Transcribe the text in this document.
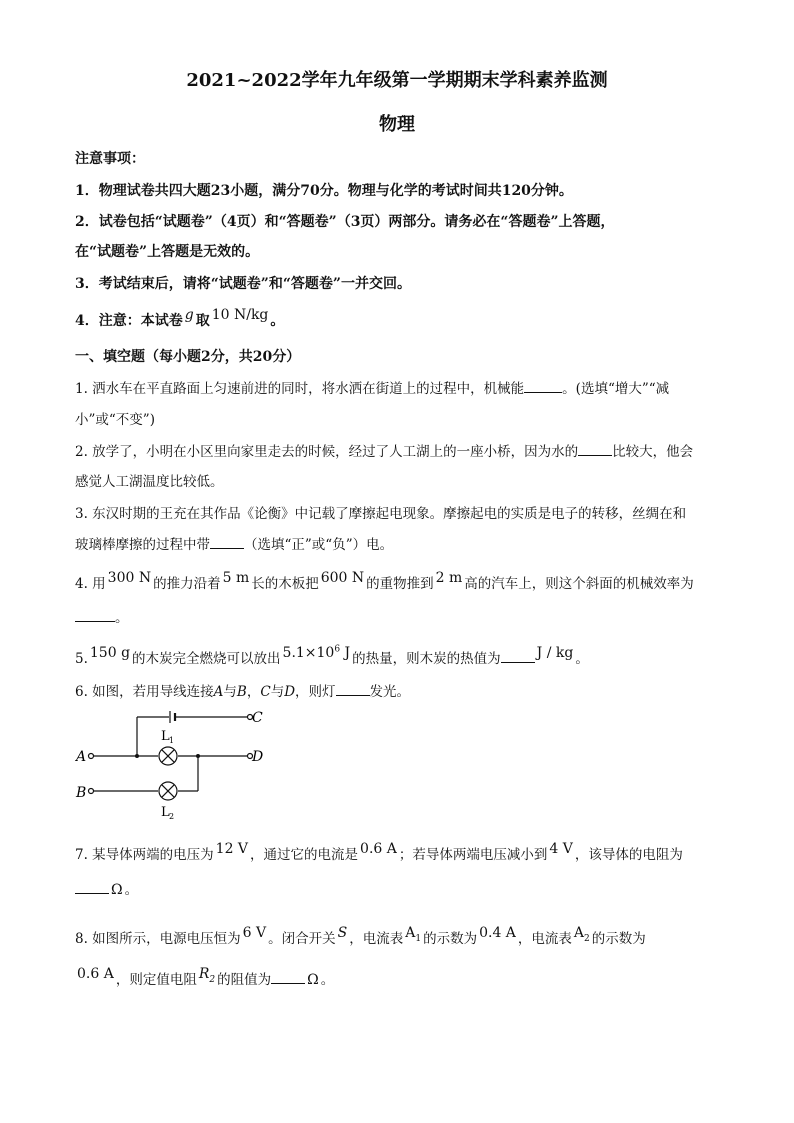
2021~2022学年九年级第一学期期末学科素养监测
物理
注意事项：
1．物理试卷共四大题23小题，满分70分。物理与化学的考试时间共120分钟。
2．试卷包括“试题卷”（4页）和“答题卷”（3页）两部分。请务必在“答题卷”上答题，
在“试题卷”上答题是无效的。
3．考试结束后，请将“试题卷”和“答题卷”一并交回。
4．注意：本试卷 g 取 10 N/kg 。
一、填空题（每小题2分，共20分）
1. 洒水车在平直路面上匀速前进的同时，将水洒在街道上的过程中，机械能	。(选填“增大”“减
小”或“不变”)
2. 放学了，小明在小区里向家里走去的时候，经过了人工湖上的一座小桥，因为水的	比较大，他会
感觉人工湖温度比较低。
3. 东汉时期的王充在其作品《论衡》中记载了摩擦起电现象。摩擦起电的实质是电子的转移，丝绸在和
玻璃棒摩擦的过程中带	（选填“正”或“负”）电。
4. 用 300 N 的推力沿着 5 m 长的木板把 600 N 的重物推到 2 m 高的汽车上，则这个斜面的机械效率为
。
5. 150 g 的木炭完全燃烧可以放出 $5.1\times 10^6$ J 的热量，则木炭的热值为	J / kg 。
6. 如图，若用导线连接A与B，C与D，则灯	发光。
C
D
A
B
L 1
L 2
7. 某导体两端的电压为 12 V ，通过它的电流是 0.6 A ；若导体两端电压减小到 4 V ，该导体的电阻为
Ω 。
8. 如图所示，电源电压恒为 6 V 。闭合开关 S ，电流表 $A_1$ 的示数为 0.4 A ，电流表 $A_2$ 的示数为
0.6 A ，则定值电阻 $R_2$ 的阻值为	Ω 。
